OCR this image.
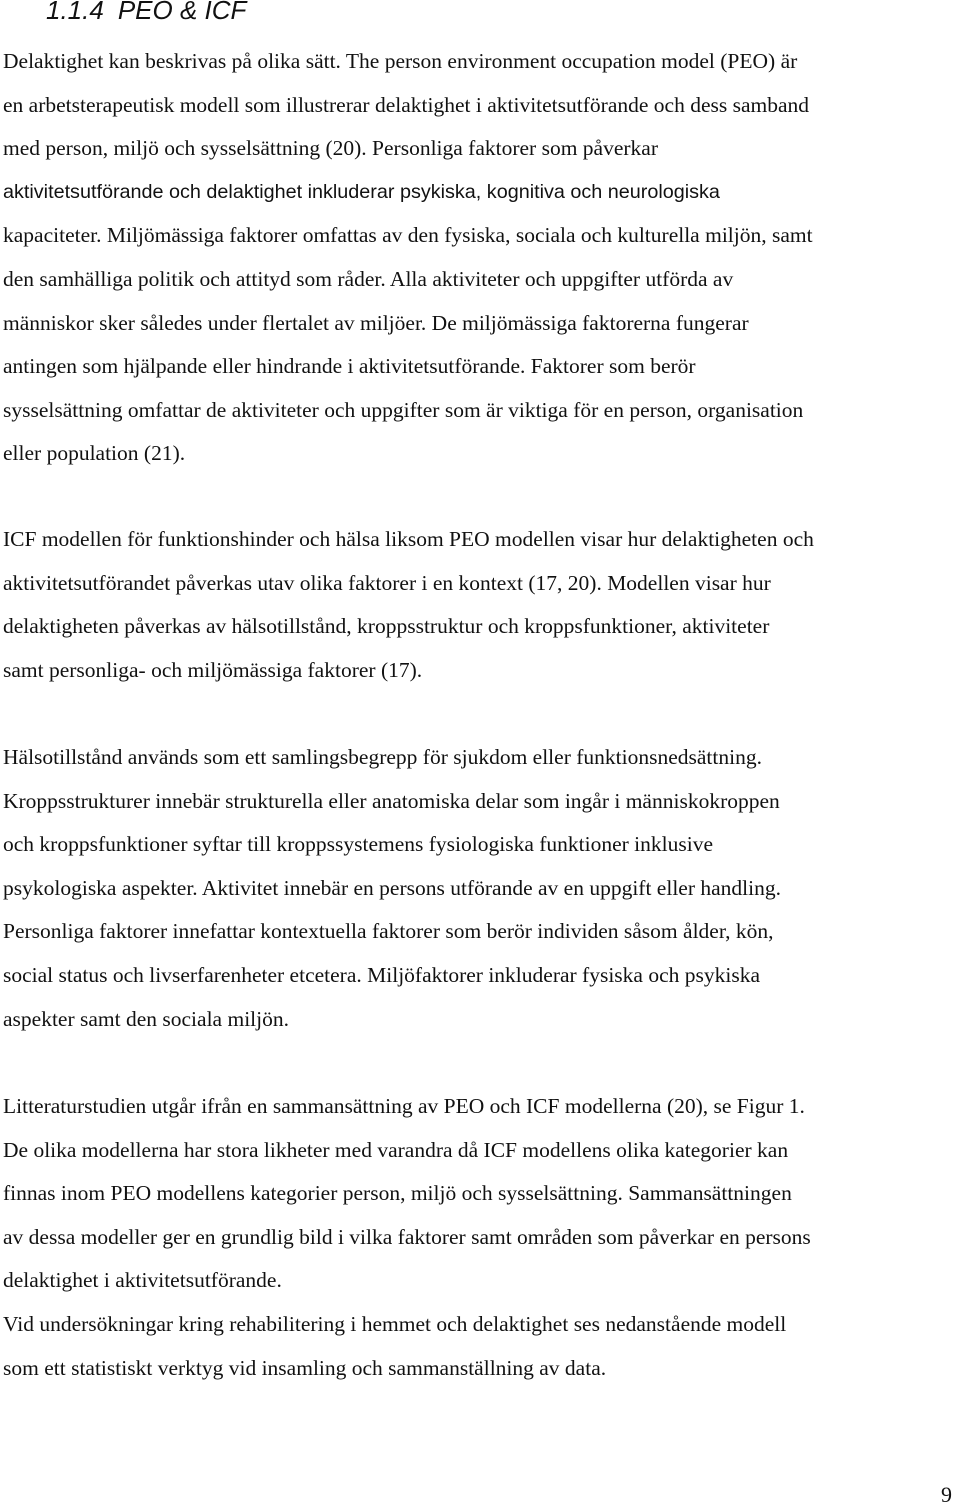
1.1.4 PEO & ICF

Delaktighet kan beskrivas på olika sätt. The person environment occupation model (PEO) är
en arbetsterapeutisk modell som illustrerar delaktighet i aktivitetsutförande och dess samband
med person, miljö och sysselsättning (20). Personliga faktorer som påverkar
aktivitetsutförande och delaktighet inkluderar psykiska, kognitiva och neurologiska
kapaciteter. Miljömässiga faktorer omfattas av den fysiska, sociala och kulturella miljön, samt
den samhälliga politik och attityd som råder. Alla aktiviteter och uppgifter utförda av
människor sker således under flertalet av miljöer. De miljömässiga faktorerna fungerar
antingen som hjälpande eller hindrande i aktivitetsutförande. Faktorer som berör
sysselsättning omfattar de aktiviteter och uppgifter som är viktiga för en person, organisation
eller population (21).

ICF modellen för funktionshinder och hälsa liksom PEO modellen visar hur delaktigheten och
aktivitetsutförandet påverkas utav olika faktorer i en kontext (17, 20). Modellen visar hur
delaktigheten påverkas av hälsotillstånd, kroppsstruktur och kroppsfunktioner, aktiviteter
samt personliga- och miljömässiga faktorer (17).

Hälsotillstånd används som ett samlingsbegrepp för sjukdom eller funktionsnedsättning.
Kroppsstrukturer innebär strukturella eller anatomiska delar som ingår i människokroppen
och kroppsfunktioner syftar till kroppssystemens fysiologiska funktioner inklusive
psykologiska aspekter. Aktivitet innebär en persons utförande av en uppgift eller handling.
Personliga faktorer innefattar kontextuella faktorer som berör individen såsom ålder, kön,
social status och livserfarenheter etcetera. Miljöfaktorer inkluderar fysiska och psykiska
aspekter samt den sociala miljön.

Litteraturstudien utgår ifrån en sammansättning av PEO och ICF modellerna (20), se Figur 1.
De olika modellerna har stora likheter med varandra då ICF modellens olika kategorier kan
finnas inom PEO modellens kategorier person, miljö och sysselsättning. Sammansättningen
av dessa modeller ger en grundlig bild i vilka faktorer samt områden som påverkar en persons
delaktighet i aktivitetsutförande.
Vid undersökningar kring rehabilitering i hemmet och delaktighet ses nedanstående modell
som ett statistiskt verktyg vid insamling och sammanställning av data.

9
